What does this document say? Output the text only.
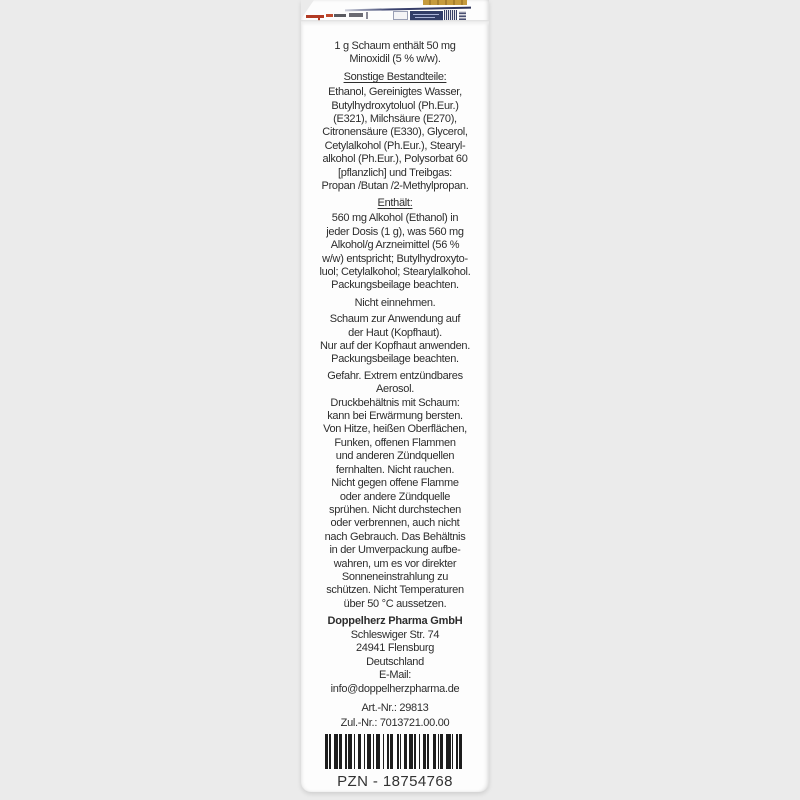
1 g Schaum enthält 50 mg
Minoxidil (5 % w/w).
Sonstige Bestandteile:
Ethanol, Gereinigtes Wasser,
Butylhydroxytoluol (Ph.Eur.)
(E321), Milchsäure (E270),
Citronensäure (E330), Glycerol,
Cetylalkohol (Ph.Eur.), Stearyl-
alkohol (Ph.Eur.), Polysorbat 60
[pflanzlich] und Treibgas:
Propan /Butan /2-Methylpropan.
Enthält:
560 mg Alkohol (Ethanol) in
jeder Dosis (1 g), was 560 mg
Alkohol/g Arzneimittel (56 %
w/w) entspricht; Butylhydroxyto-
luol; Cetylalkohol; Stearylalkohol.
Packungsbeilage beachten.
Nicht einnehmen.
Schaum zur Anwendung auf
der Haut (Kopfhaut).
Nur auf der Kopfhaut anwenden.
Packungsbeilage beachten.
Gefahr. Extrem entzündbares
Aerosol.
Druckbehältnis mit Schaum:
kann bei Erwärmung bersten.
Von Hitze, heißen Oberflächen,
Funken, offenen Flammen
und anderen Zündquellen
fernhalten. Nicht rauchen.
Nicht gegen offene Flamme
oder andere Zündquelle
sprühen. Nicht durchstechen
oder verbrennen, auch nicht
nach Gebrauch. Das Behältnis
in der Umverpackung aufbe-
wahren, um es vor direkter
Sonneneinstrahlung zu
schützen. Nicht Temperaturen
über 50 °C aussetzen.
Doppelherz Pharma GmbH
Schleswiger Str. 74
24941 Flensburg
Deutschland
E-Mail:
info@doppelherzpharma.de
Art.-Nr.: 29813
Zul.-Nr.: 7013721.00.00
PZN - 18754768
